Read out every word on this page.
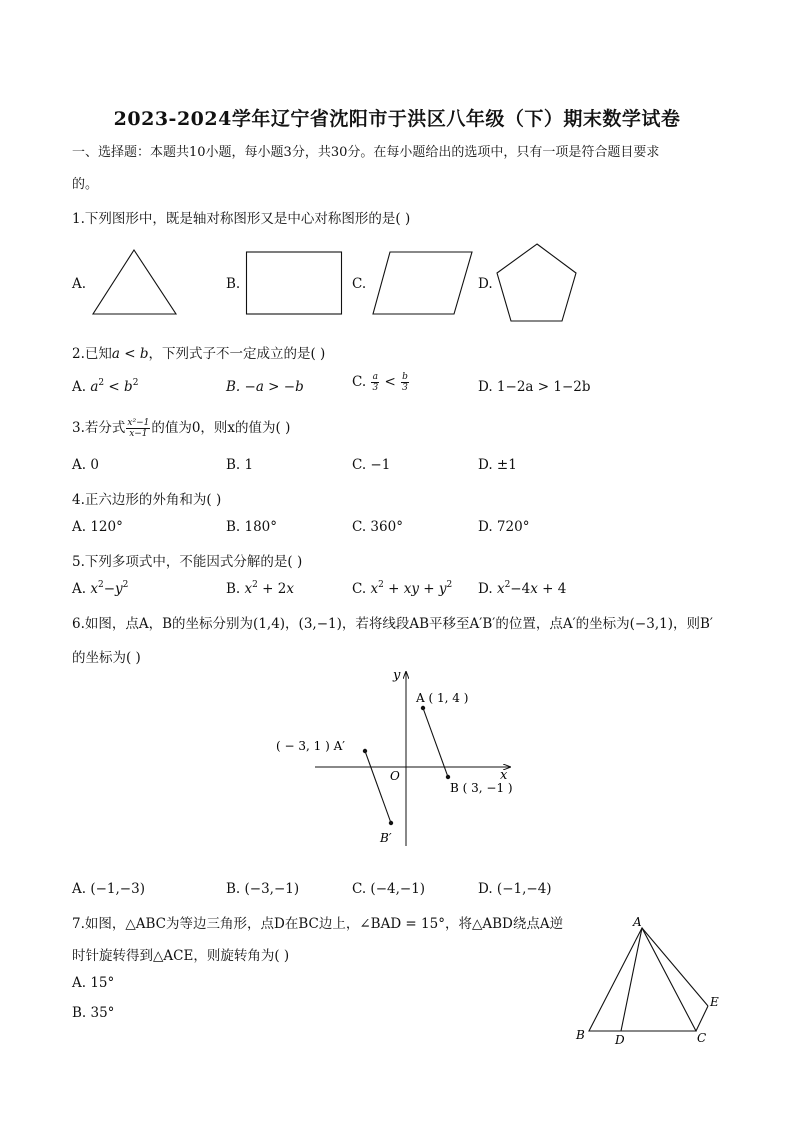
2023-2024学年辽宁省沈阳市于洪区八年级（下）期末数学试卷
一、选择题：本题共10小题，每小题3分，共30分。在每小题给出的选项中，只有一项是符合题目要求
的。
1.下列图形中，既是轴对称图形又是中心对称图形的是( )
A.	B.	C.	D.
2.已知a < b，下列式子不一定成立的是( )
A. $a^2 < b^2$	B. −a > −b	C. $\frac{a}{3} < \frac{b}{3}$	D. 1−2a > 1−2b
3.若分式 $\frac{\text{x²−1}}{x-1}$ 的值为0，则x的值为( )
A. 0	B. 1	C. −1	D. ±1
4.正六边形的外角和为( )
A. 120°	B. 180°	C. 360°	D. 720°
5.下列多项式中，不能因式分解的是( )
A. $x^2-y^2$	B. $x^2 + 2x$	C. $x^2$ + xy + $y^2$ D. $x^2-4x + 4$
6.如图，点A，B的坐标分别为(1,4)，(3,−1)，若将线段AB平移至A′B′的位置，点A′的坐标为(−3,1)，则B′
的坐标为( )
x
y
O
A ( 1, 4 )
B ( 3, −1 )
( − 3, 1 ) A′
B′
A. (−1,−3)	B. (−3,−1)	C. (−4,−1)	D. (−1,−4)
7.如图，△ABC为等边三角形，点D在BC边上，∠BAD = 15°，将△ABD绕点A逆
时针旋转得到△ACE，则旋转角为( )
A. 15°
B. 35°
A
B	D	C
E
